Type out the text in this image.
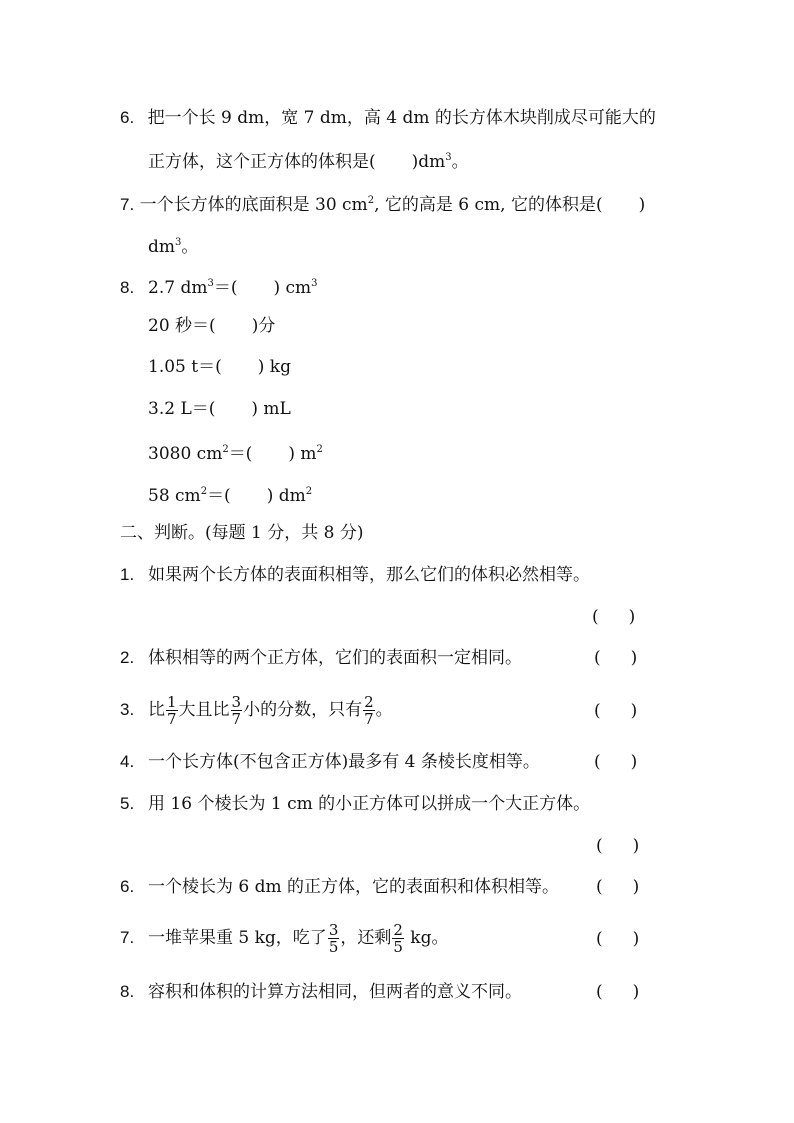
6. 把一个长 9 dm，宽 7 dm，高 4 dm 的长方体木块削成尽可能大的
正方体，这个正方体的体积是( )$dm^3$。
7. 一个长方体的底面积是 30 $cm^2$, 它的高是 6 cm, 它的体积是( )
$dm^3$。
8. 2.7 $dm^3=$( ) $cm^3$
20 秒＝( )分
1.05 t＝( ) kg
3.2 L＝( ) mL
3080 $cm^2=$( ) $m^2$
58 $cm^2=$( ) $dm^2$
二、判断。(每题 1 分，共 8 分)
1. 如果两个长方体的表面积相等，那么它们的体积必然相等。
( )
2. 体积相等的两个正方体，它们的表面积一定相同。	( )
3. 比 $\frac{1}{7}$ 大且比 $\frac{3}{7}$ 小的分数，只有 $\frac{2}{7}$ 。	( )
4. 一个长方体(不包含正方体)最多有 4 条棱长度相等。	( )
5. 用 16 个棱长为 1 cm 的小正方体可以拼成一个大正方体。
( )
6. 一个棱长为 6 dm 的正方体，它的表面积和体积相等。 ( )
7. 一堆苹果重 5 kg，吃了 $\frac{3}{5}$ ，还剩 $\frac{2}{5}$ kg。	( )
8. 容积和体积的计算方法相同，但两者的意义不同。	( )
